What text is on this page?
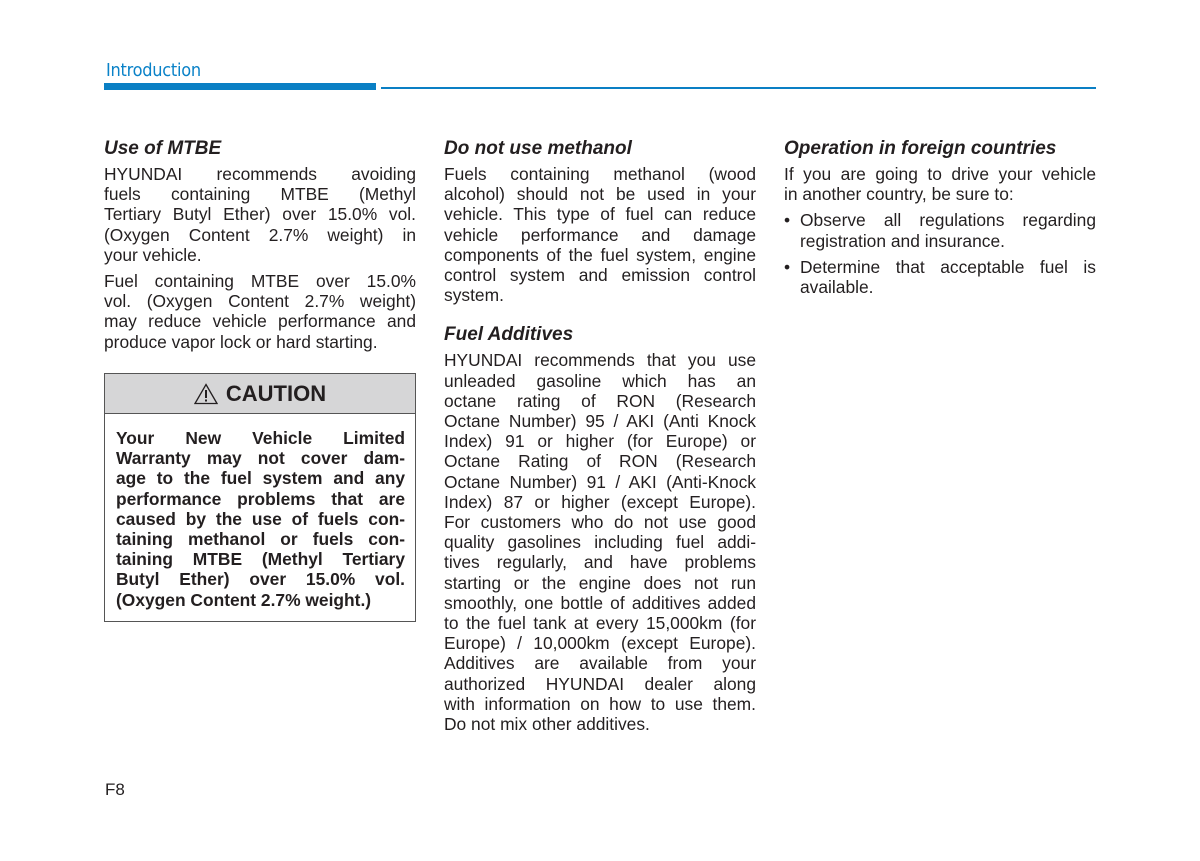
Introduction
Use of MTBE
HYUNDAI recommends avoiding
fuels containing MTBE (Methyl
Tertiary Butyl Ether) over 15.0% vol.
(Oxygen Content 2.7% weight) in
your vehicle.
Fuel containing MTBE over 15.0%
vol. (Oxygen Content 2.7% weight)
may reduce vehicle performance and
produce vapor lock or hard starting.
Do not use methanol
Fuels containing methanol (wood
alcohol) should not be used in your
vehicle. This type of fuel can reduce
vehicle performance and damage
components of the fuel system, engine
control system and emission control
system.
Fuel Additives
HYUNDAI recommends that you use
unleaded gasoline which has an
octane rating of RON (Research
Octane Number) 95 / AKI (Anti Knock
Index) 91 or higher (for Europe) or
Octane Rating of RON (Research
Octane Number) 91 / AKI (Anti-Knock
Index) 87 or higher (except Europe).
For customers who do not use good
quality gasolines including fuel addi-
tives regularly, and have problems
starting or the engine does not run
smoothly, one bottle of additives added
to the fuel tank at every 15,000km (for
Europe) / 10,000km (except Europe).
Additives are available from your
authorized HYUNDAI dealer along
with information on how to use them.
Do not mix other additives.
Operation in foreign countries
If you are going to drive your vehicle
in another country, be sure to:
• Observe all regulations regarding
registration and insurance.
• Determine that acceptable fuel is
available.
CAUTION
Your New Vehicle Limited
Warranty may not cover dam-
age to the fuel system and any
performance problems that are
caused by the use of fuels con-
taining methanol or fuels con-
taining MTBE (Methyl Tertiary
Butyl Ether) over 15.0% vol.
(Oxygen Content 2.7% weight.)
F8
